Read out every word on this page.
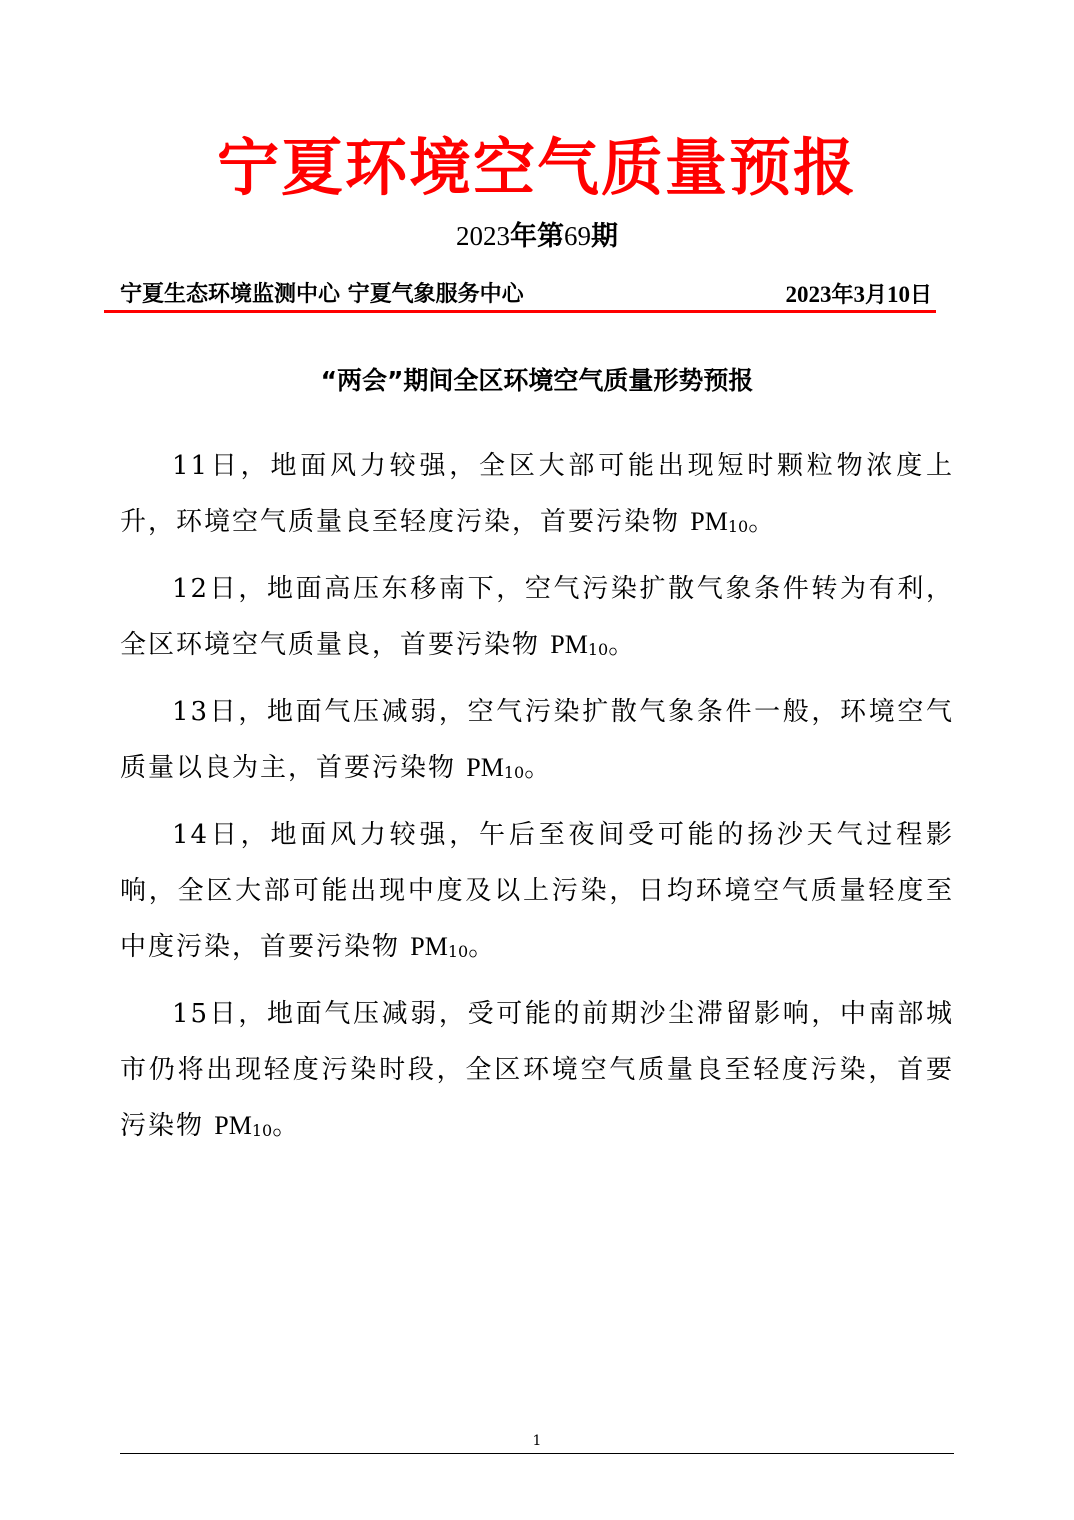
宁夏环境空气质量预报
2023年第69期
宁夏生态环境监测中心 宁夏气象服务中心	2023年3月10日
“两会”期间全区环境空气质量形势预报

11日，地面风力较强，全区大部可能出现短时颗粒物浓度上升，环境空气质量良至轻度污染，首要污染物 $PM_{10}$。

12日，地面高压东移南下，空气污染扩散气象条件转为有利，全区环境空气质量良，首要污染物 $PM_{10}$。

13日，地面气压减弱，空气污染扩散气象条件一般，环境空气质量以良为主，首要污染物 $PM_{10}$。

14日，地面风力较强，午后至夜间受可能的扬沙天气过程影响，全区大部可能出现中度及以上污染，日均环境空气质量轻度至中度污染，首要污染物 $PM_{10}$。

15日，地面气压减弱，受可能的前期沙尘滞留影响，中南部城市仍将出现轻度污染时段，全区环境空气质量良至轻度污染，首要污染物 $PM_{10}$。

1
